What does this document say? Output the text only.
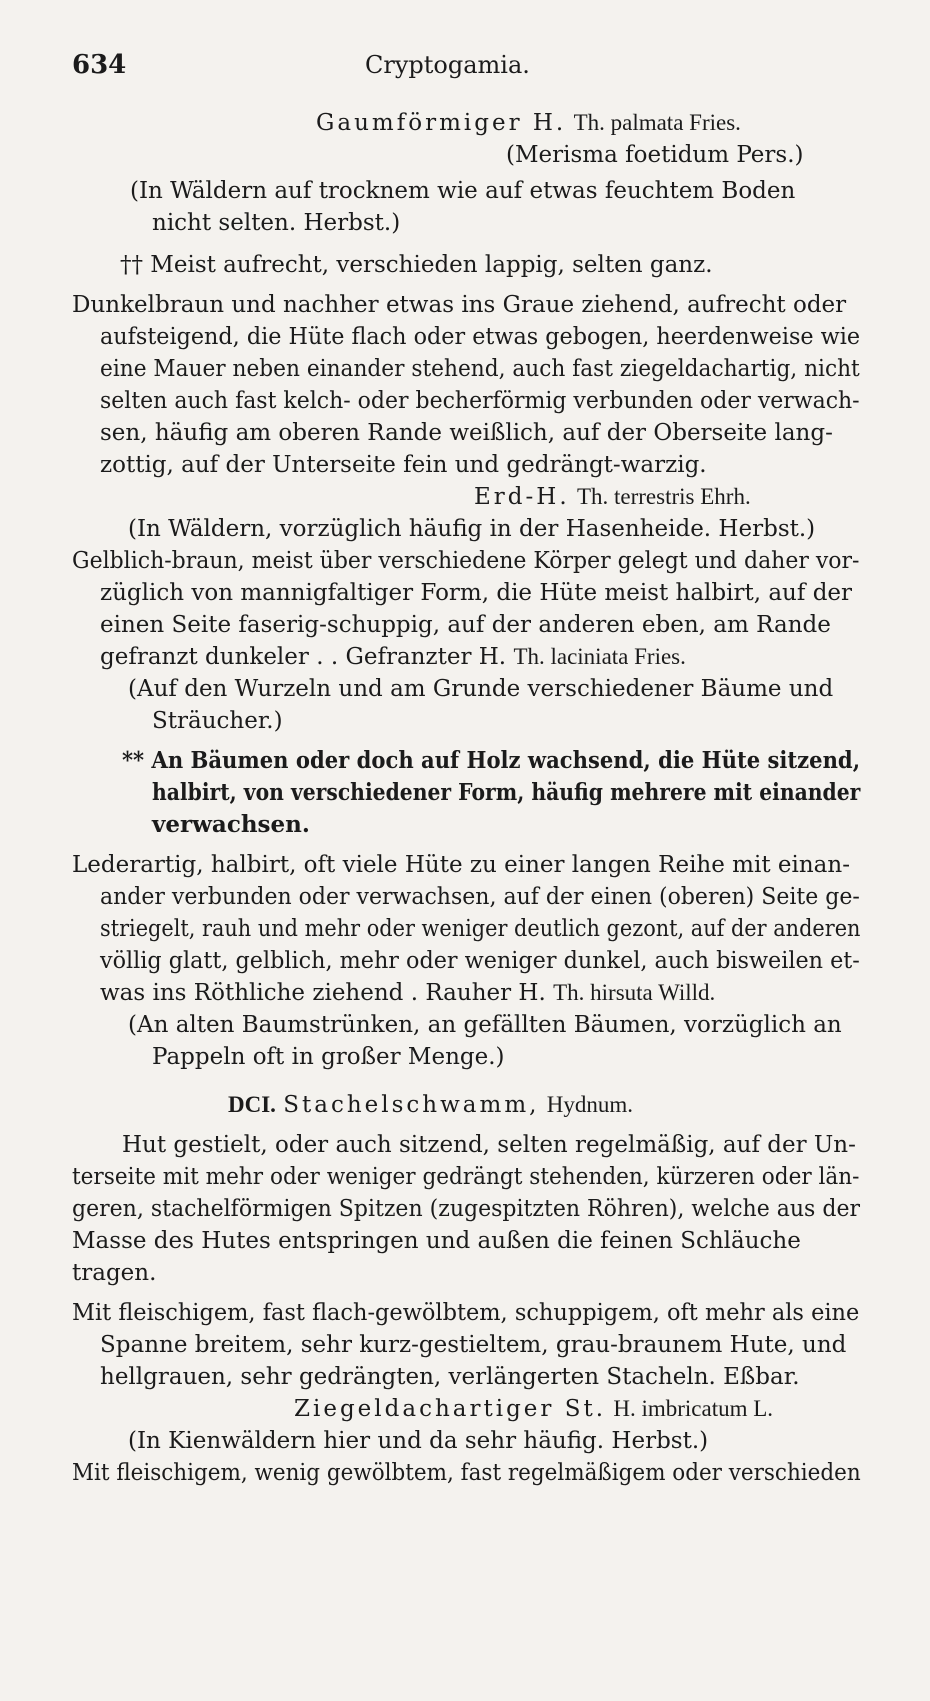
634	Cryptogamia.
Gaumförmiger H. Th. palmata Fries.
(Merisma foetidum Pers.)
(In Wäldern auf trocknem wie auf etwas feuchtem Boden
nicht selten. Herbst.)
†† Meist aufrecht, verschieden lappig, selten ganz.
Dunkelbraun und nachher etwas ins Graue ziehend, aufrecht oder
aufsteigend, die Hüte flach oder etwas gebogen, heerdenweise wie
eine Mauer neben einander stehend, auch fast ziegeldachartig, nicht
selten auch fast kelch- oder becherförmig verbunden oder verwach-
sen, häufig am oberen Rande weißlich, auf der Oberseite lang-
zottig, auf der Unterseite fein und gedrängt-warzig.
Erd-H. Th. terrestris Ehrh.
(In Wäldern, vorzüglich häufig in der Hasenheide. Herbst.)
Gelblich-braun, meist über verschiedene Körper gelegt und daher vor-
züglich von mannigfaltiger Form, die Hüte meist halbirt, auf der
einen Seite faserig-schuppig, auf der anderen eben, am Rande
gefranzt dunkeler . . Gefranzter H. Th. laciniata Fries.
(Auf den Wurzeln und am Grunde verschiedener Bäume und
Sträucher.)
** An Bäumen oder doch auf Holz wachsend, die Hüte sitzend,
halbirt, von verschiedener Form, häufig mehrere mit einander
verwachsen.
Lederartig, halbirt, oft viele Hüte zu einer langen Reihe mit einan-
ander verbunden oder verwachsen, auf der einen (oberen) Seite ge-
striegelt, rauh und mehr oder weniger deutlich gezont, auf der anderen
völlig glatt, gelblich, mehr oder weniger dunkel, auch bisweilen et-
was ins Röthliche ziehend . Rauher H. Th. hirsuta Willd.
(An alten Baumstrünken, an gefällten Bäumen, vorzüglich an
Pappeln oft in großer Menge.)
DCI. Stachelschwamm, Hydnum.
Hut gestielt, oder auch sitzend, selten regelmäßig, auf der Un-
terseite mit mehr oder weniger gedrängt stehenden, kürzeren oder län-
geren, stachelförmigen Spitzen (zugespitzten Röhren), welche aus der
Masse des Hutes entspringen und außen die feinen Schläuche
tragen.
Mit fleischigem, fast flach-gewölbtem, schuppigem, oft mehr als eine
Spanne breitem, sehr kurz-gestieltem, grau-braunem Hute, und
hellgrauen, sehr gedrängten, verlängerten Stacheln. Eßbar.
Ziegeldachartiger St. H. imbricatum L.
(In Kienwäldern hier und da sehr häufig. Herbst.)
Mit fleischigem, wenig gewölbtem, fast regelmäßigem oder verschieden
